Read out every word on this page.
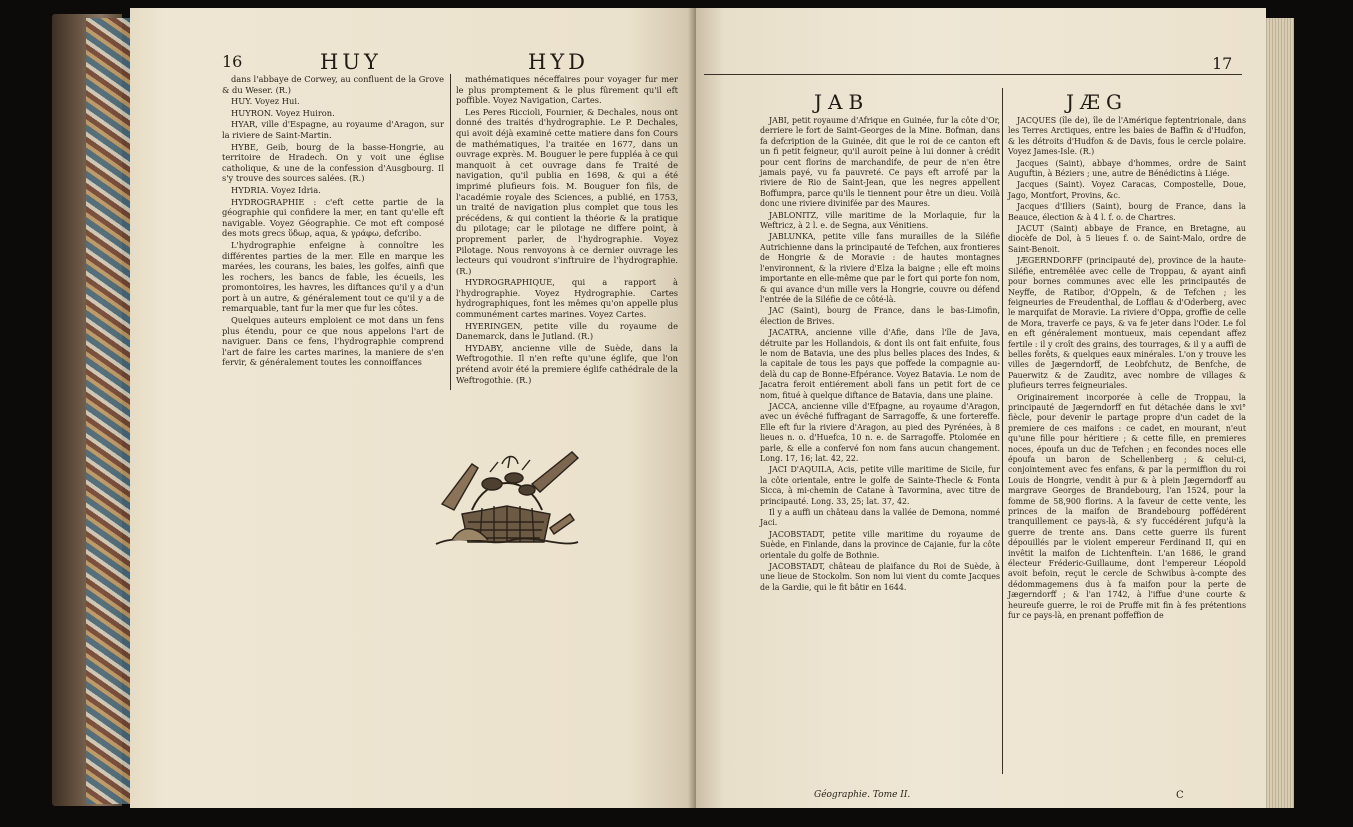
16	HUY	HYD

dans l'abbaye de Corwey, au confluent de la Grove & du Weser. (R.)

HUY. Voyez Hui.

HUYRON. Voyez Huiron.

HYAR, ville d'Espagne, au royaume d'Aragon, sur la riviere de Saint-Martin.

HYBE, Geib, bourg de la basse-Hongrie, au territoire de Hradech. On y voit une église catholique, & une de la confession d'Ausgbourg. Il s'y trouve des sources salées. (R.)

HYDRIA. Voyez Idria.

HYDROGRAPHIE : c'eft cette partie de la géographie qui confidere la mer, en tant qu'elle eft navigable. Voyez Géographie. Ce mot eft composé des mots grecs ὕδωρ, aqua, & γράφω, defcribo.

L'hydrographie enfeigne à connoître les différentes parties de la mer. Elle en marque les marées, les courans, les baies, les golfes, ainfi que les rochers, les bancs de fable, les écueils, les promontoires, les havres, les diftances qu'il y a d'un port à un autre, & généralement tout ce qu'il y a de remarquable, tant fur la mer que fur les côtes.

Quelques auteurs emploient ce mot dans un fens plus étendu, pour ce que nous appelons l'art de naviguer. Dans ce fens, l'hydrographie comprend l'art de faire les cartes marines, la maniere de s'en fervir, & généralement toutes les connoiffances

mathématiques néceffaires pour voyager fur mer le plus promptement & le plus fûrement qu'il eft poffible. Voyez Navigation, Cartes.

Les Peres Riccioli, Fournier, & Dechales, nous ont donné des traités d'hydrographie. Le P. Dechales, qui avoit déjà examiné cette matiere dans fon Cours de mathématiques, l'a traitée en 1677, dans un ouvrage exprès. M. Bouguer le pere fuppléa à ce qui manquoit à cet ouvrage dans fe Traité de navigation, qu'il publia en 1698, & qui a été imprimé plufieurs fois. M. Bouguer fon fils, de l'académie royale des Sciences, a publié, en 1753, un traité de navigation plus complet que tous les précédens, & qui contient la théorie & la pratique du pilotage; car le pilotage ne differe point, à proprement parler, de l'hydrographie. Voyez Pilotage. Nous renvoyons à ce dernier ouvrage les lecteurs qui voudront s'inftruire de l'hydrographie. (R.)

HYDROGRAPHIQUE, qui a rapport à l'hydrographie. Voyez Hydrographie. Cartes hydrographiques, font les mêmes qu'on appelle plus communément cartes marines. Voyez Cartes.

HYERINGEN, petite ville du royaume de Danemarck, dans le Jutland. (R.)

HYDABY, ancienne ville de Suède, dans la Weftrogothie. Il n'en refte qu'une églife, que l'on prétend avoir été la premiere églife cathédrale de la Weftrogothie. (R.)

17
JAB	JÆG

JABI, petit royaume d'Afrique en Guinée, fur la côte d'Or, derriere le fort de Saint-Georges de la Mine. Bofman, dans fa defcription de la Guinée, dit que le roi de ce canton eft un fi petit feigneur, qu'il auroit peine à lui donner à crédit pour cent florins de marchandife, de peur de n'en être jamais payé, vu fa pauvreté. Ce pays eft arrofé par la riviere de Rio de Saint-Jean, que les negres appellent Boffumpra, parce qu'ils le tiennent pour être un dieu. Voilà donc une riviere divinifée par des Maures.

JABLONITZ, ville maritime de la Morlaquie, fur la Weftricz, à 2 l. e. de Segna, aux Vénitiens.

JABLUNKA, petite ville fans murailles de la Siléfie Autrichienne dans la principauté de Tefchen, aux frontieres de Hongrie & de Moravie : de hautes montagnes l'environnent, & la riviere d'Elza la baigne ; elle eft moins importante en elle-même que par le fort qui porte fon nom, & qui avance d'un mille vers la Hongrie, couvre ou défend l'entrée de la Siléfie de ce côté-là.

JAC (Saint), bourg de France, dans le bas-Limofin, élection de Brives.

JACATRA, ancienne ville d'Afie, dans l'île de Java, détruite par les Hollandois, & dont ils ont fait enfuite, fous le nom de Batavia, une des plus belles places des Indes, & la capitale de tous les pays que poffede la compagnie au-delà du cap de Bonne-Efpérance. Voyez Batavia. Le nom de Jacatra feroit entiérement aboli fans un petit fort de ce nom, fitué à quelque diftance de Batavia, dans une plaine.

JACCA, ancienne ville d'Efpagne, au royaume d'Aragon, avec un évêché fuffragant de Sarragoffe, & une fortereffe. Elle eft fur la riviere d'Aragon, au pied des Pyrénées, à 8 lieues n. o. d'Huefca, 10 n. e. de Sarragoffe. Ptolomée en parle, & elle a confervé fon nom fans aucun changement. Long. 17, 16; lat. 42, 22.

JACI D'AQUILA, Acis, petite ville maritime de Sicile, fur la côte orientale, entre le golfe de Sainte-Thecle & Fonta Sicca, à mi-chemin de Catane à Tavormina, avec titre de principauté. Long. 33, 25; lat. 37, 42.

Il y a auffi un château dans la vallée de Demona, nommé Jaci.

JACOBSTADT, petite ville maritime du royaume de Suède, en Finlande, dans la province de Cajanie, fur la côte orientale du golfe de Bothnie.

JACOBSTADT, château de plaifance du Roi de Suède, à une lieue de Stockolm. Son nom lui vient du comte Jacques de la Gardie, qui le fit bâtir en 1644.

JACQUES (île de), île de l'Amérique feptentrionale, dans les Terres Arctiques, entre les baies de Baffin & d'Hudfon, & les détroits d'Hudfon & de Davis, fous le cercle polaire. Voyez James-Isle. (R.)

Jacques (Saint), abbaye d'hommes, ordre de Saint Auguftin, à Béziers ; une, autre de Bénédictins à Liége.

Jacques (Saint). Voyez Caracas, Compostelle, Doue, Jago, Montfort, Provins, &c.

Jacques d'Illiers (Saint), bourg de France, dans la Beauce, élection & à 4 l. f. o. de Chartres.

JACUT (Saint) abbaye de France, en Bretagne, au diocèfe de Dol, à 5 lieues f. o. de Saint-Malo, ordre de Saint-Benoit.

JÆGERNDORFF (principauté de), province de la haute-Siléfie, entremêlée avec celle de Troppau, & ayant ainfi pour bornes communes avec elle les principautés de Neyffe, de Ratibor, d'Oppeln, & de Tefchen ; les feigneuries de Freudenthal, de Lofflau & d'Oderberg, avec le marquifat de Moravie. La riviere d'Oppa, groffie de celle de Mora, traverfe ce pays, & va fe jeter dans l'Oder. Le fol en eft généralement montueux, mais cependant affez fertile : il y croît des grains, des tourrages, & il y a auffi de belles forêts, & quelques eaux minérales. L'on y trouve les villes de Jægerndorff, de Leobfchutz, de Benfche, de Pauerwitz & de Zauditz, avec nombre de villages & plufieurs terres feigneuriales.

Originairement incorporée à celle de Troppau, la principauté de Jægerndorff en fut détachée dans le xvi° fiècle, pour devenir le partage propre d'un cadet de la premiere de ces maifons : ce cadet, en mourant, n'eut qu'une fille pour héritiere ; & cette fille, en premieres noces, époufa un duc de Tefchen ; en fecondes noces elle époufa un baron de Schellenberg ; & celui-ci, conjointement avec fes enfans, & par la permiffion du roi Louis de Hongrie, vendit à pur & à plein Jægerndorff au margrave Georges de Brandebourg, l'an 1524, pour la fomme de 58,900 florins. A la faveur de cette vente, les princes de la maifon de Brandebourg poffédérent tranquillement ce pays-là, & s'y fuccédérent jufqu'à la guerre de trente ans. Dans cette guerre ils furent dépouillés par le violent empereur Ferdinand II, qui en invêtit la maifon de Lichtenftein. L'an 1686, le grand électeur Fréderic-Guillaume, dont l'empereur Léopold avoit befoin, reçut le cercle de Schwibus à-compte des dédommagemens dus à fa maifon pour la perte de Jægerndorff ; & l'an 1742, à l'iffue d'une courte & heureufe guerre, le roi de Pruffe mit fin à fes prétentions fur ce pays-là, en prenant poffeffion de

Géographie. Tome II.	C
